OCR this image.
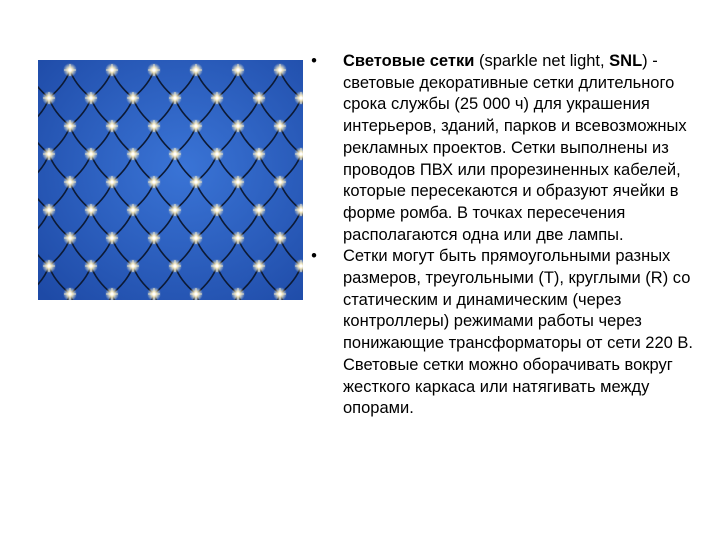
• Световые сетки (sparkle net light, SNL) - световые декоративные сетки длительного срока службы (25 000 ч) для украшения интерьеров, зданий, парков и всевозможных рекламных проектов. Сетки выполнены из проводов ПВХ или прорезиненных кабелей, которые пересекаются и образуют ячейки в форме ромба. В точках пересечения располагаются одна или две лампы.
• Сетки могут быть прямоугольными разных размеров, треугольными (Т), круглыми (R) со статическим и динамическим (через контроллеры) режимами работы через понижающие трансформаторы от сети 220 В. Световые сетки можно оборачивать вокруг жесткого каркаса или натягивать между опорами.
